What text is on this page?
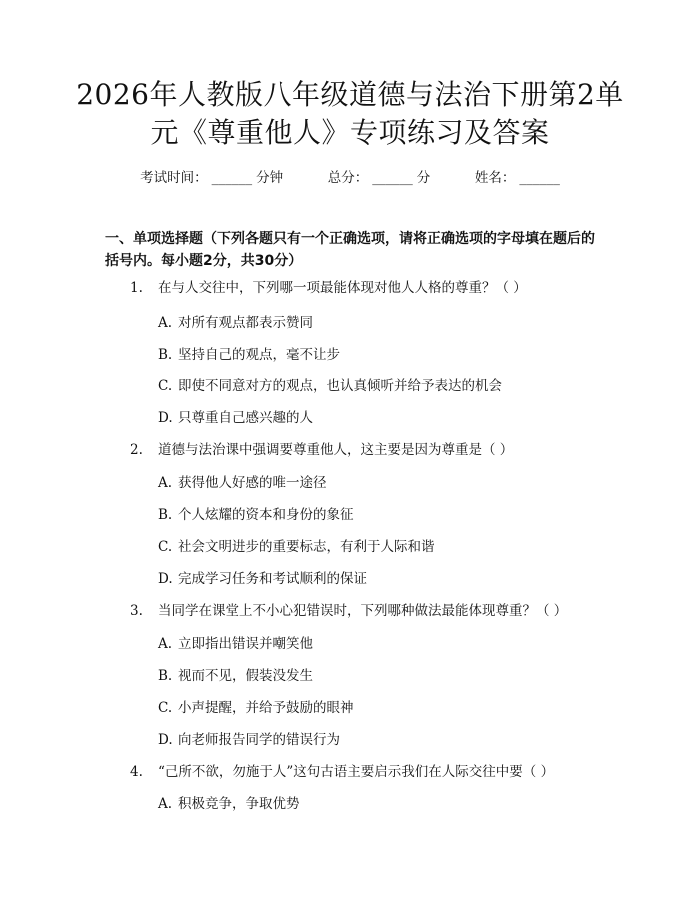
2026年人教版八年级道德与法治下册第2单
元《尊重他人》专项练习及答案
考试时间： ______ 分钟	总分： ______ 分	姓名： ______

一、单项选择题（下列各题只有一个正确选项，请将正确选项的字母填在题后的括号内。每小题2分，共30分）

1. 在与人交往中，下列哪一项最能体现对他人人格的尊重？（ ）
A. 对所有观点都表示赞同
B. 坚持自己的观点，毫不让步
C. 即使不同意对方的观点，也认真倾听并给予表达的机会
D. 只尊重自己感兴趣的人
2. 道德与法治课中强调要尊重他人，这主要是因为尊重是（ ）
A. 获得他人好感的唯一途径
B. 个人炫耀的资本和身份的象征
C. 社会文明进步的重要标志，有利于人际和谐
D. 完成学习任务和考试顺利的保证
3. 当同学在课堂上不小心犯错误时，下列哪种做法最能体现尊重？（ ）
A. 立即指出错误并嘲笑他
B. 视而不见，假装没发生
C. 小声提醒，并给予鼓励的眼神
D. 向老师报告同学的错误行为
4. “己所不欲，勿施于人”这句古语主要启示我们在人际交往中要（ ）
A. 积极竞争，争取优势
